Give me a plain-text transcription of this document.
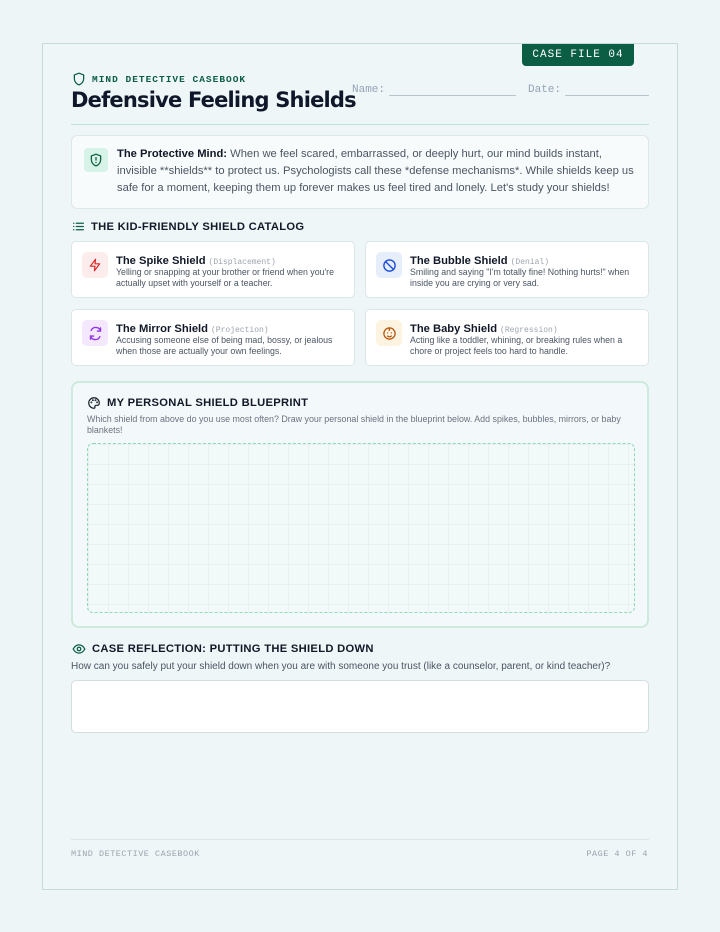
CASE FILE 04
MIND DETECTIVE CASEBOOK
Defensive Feeling Shields
Name:	Date:

The Protective Mind: When we feel scared, embarrassed, or deeply hurt, our mind builds instant, invisible **shields** to protect us. Psychologists call these *defense mechanisms*. While shields keep us safe for a moment, keeping them up forever makes us feel tired and lonely. Let's study your shields!

THE KID-FRIENDLY SHIELD CATALOG
The Spike Shield (Displacement)
Yelling or snapping at your brother or friend when you're actually upset with yourself or a teacher.
The Bubble Shield (Denial)
Smiling and saying "I'm totally fine! Nothing hurts!" when inside you are crying or very sad.
The Mirror Shield (Projection)
Accusing someone else of being mad, bossy, or jealous when those are actually your own feelings.
The Baby Shield (Regression)
Acting like a toddler, whining, or breaking rules when a chore or project feels too hard to handle.
MY PERSONAL SHIELD BLUEPRINT
Which shield from above do you use most often? Draw your personal shield in the blueprint below. Add spikes, bubbles, mirrors, or baby blankets!
CASE REFLECTION: PUTTING THE SHIELD DOWN
How can you safely put your shield down when you are with someone you trust (like a counselor, parent, or kind teacher)?
MIND DETECTIVE CASEBOOK	PAGE 4 OF 4
